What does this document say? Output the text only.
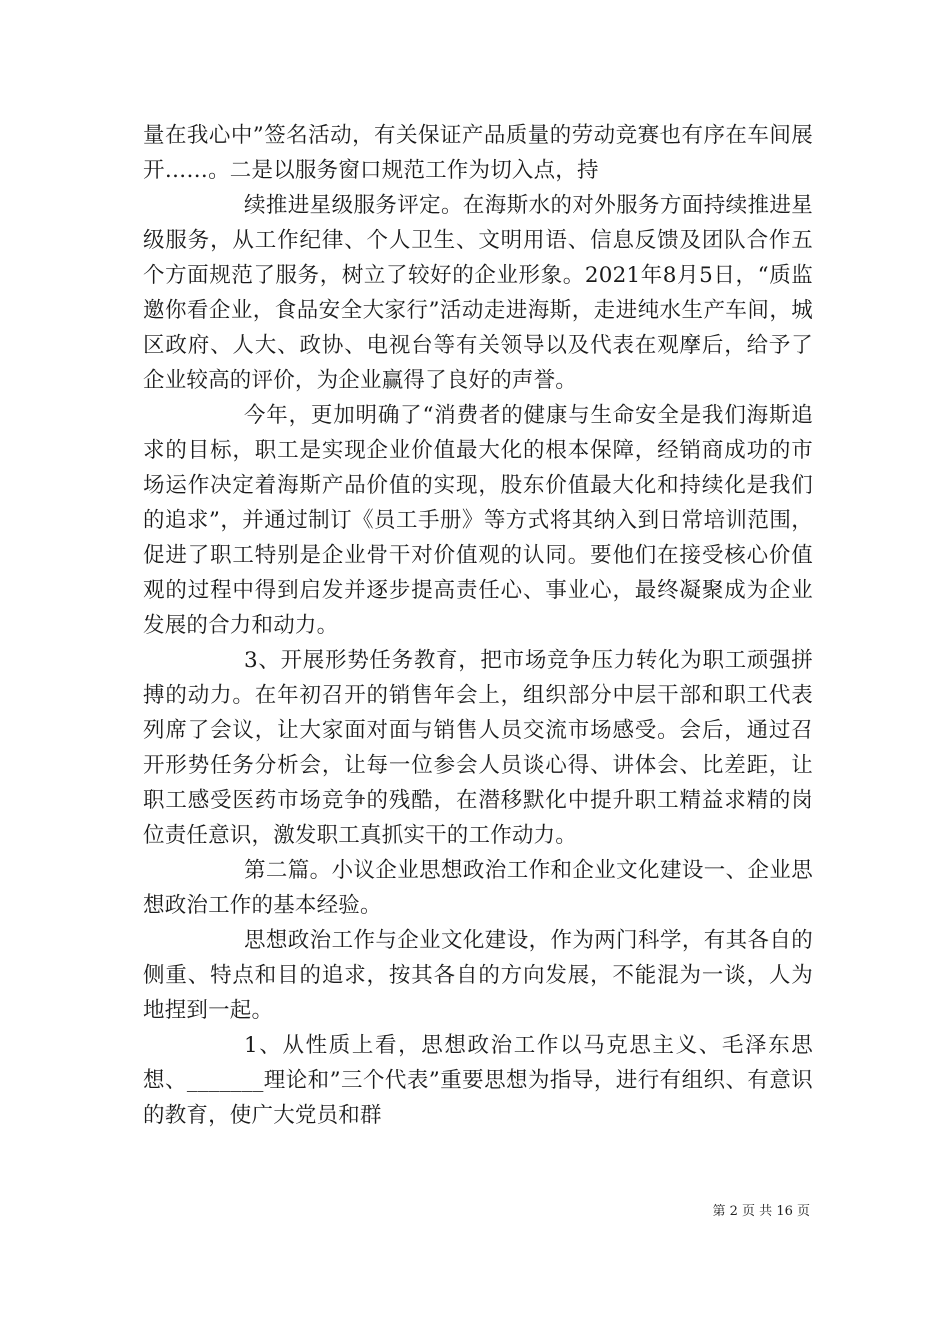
量在我心中”签名活动，有关保证产品质量的劳动竞赛也有序在车间展开……。二是以服务窗口规范工作为切入点，持

续推进星级服务评定。在海斯水的对外服务方面持续推进星级服务，从工作纪律、个人卫生、文明用语、信息反馈及团队合作五个方面规范了服务，树立了较好的企业形象。2021年8月5日，“质监邀你看企业，食品安全大家行”活动走进海斯，走进纯水生产车间，城区政府、人大、政协、电视台等有关领导以及代表在观摩后，给予了企业较高的评价，为企业赢得了良好的声誉。

今年，更加明确了“消费者的健康与生命安全是我们海斯追求的目标，职工是实现企业价值最大化的根本保障，经销商成功的市场运作决定着海斯产品价值的实现，股东价值最大化和持续化是我们的追求”，并通过制订《员工手册》等方式将其纳入到日常培训范围，促进了职工特别是企业骨干对价值观的认同。要他们在接受核心价值观的过程中得到启发并逐步提高责任心、事业心，最终凝聚成为企业发展的合力和动力。

3、开展形势任务教育，把市场竞争压力转化为职工顽强拼搏的动力。在年初召开的销售年会上，组织部分中层干部和职工代表列席了会议，让大家面对面与销售人员交流市场感受。会后，通过召开形势任务分析会，让每一位参会人员谈心得、讲体会、比差距，让职工感受医药市场竞争的残酷，在潜移默化中提升职工精益求精的岗位责任意识，激发职工真抓实干的工作动力。

第二篇。小议企业思想政治工作和企业文化建设一、企业思想政治工作的基本经验。

思想政治工作与企业文化建设，作为两门科学，有其各自的侧重、特点和目的追求，按其各自的方向发展，不能混为一谈，人为地捏到一起。

1、从性质上看，思想政治工作以马克思主义、毛泽东思想、_______理论和”三个代表”重要思想为指导，进行有组织、有意识的教育，使广大党员和群

第 2 页 共 16 页
